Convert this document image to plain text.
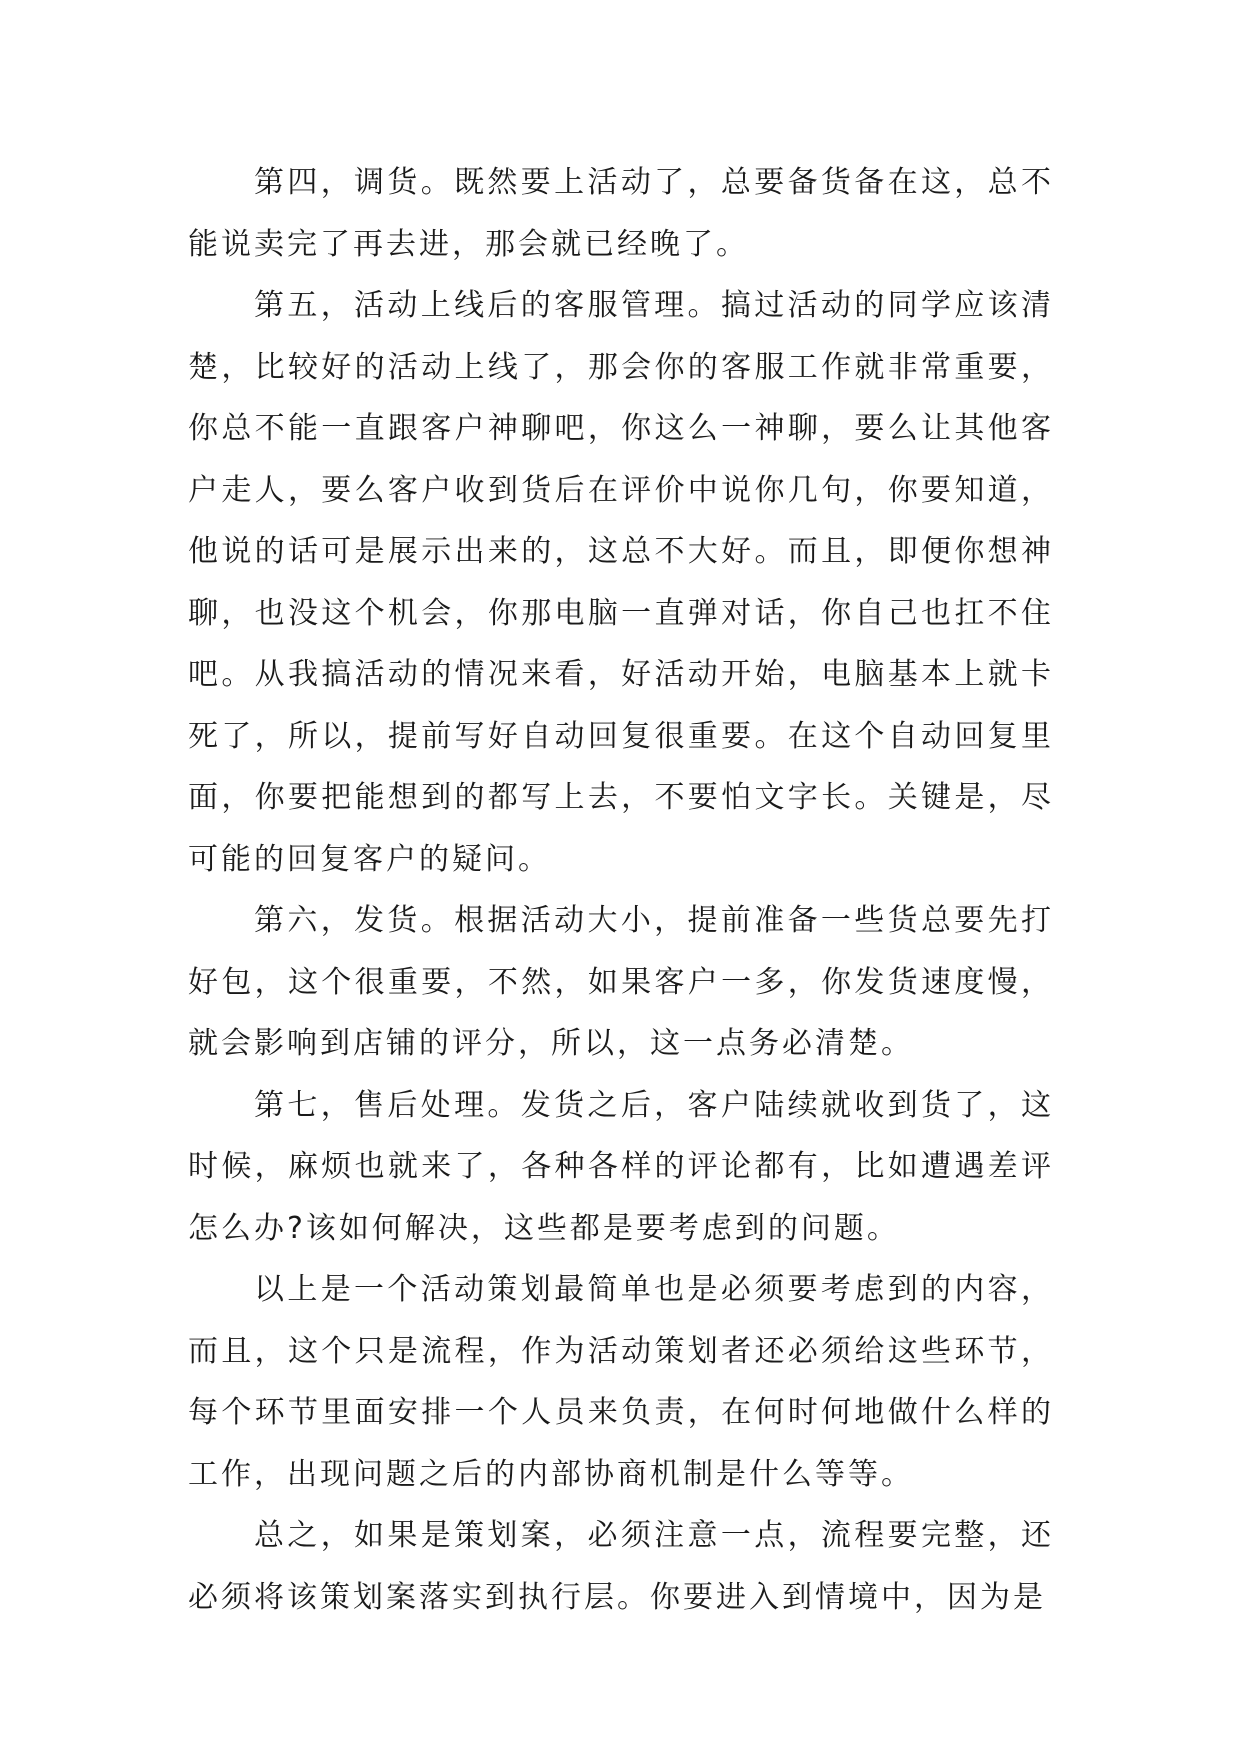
第四，调货。既然要上活动了，总要备货备在这，总不能说卖完了再去进，那会就已经晚了。

第五，活动上线后的客服管理。搞过活动的同学应该清楚，比较好的活动上线了，那会你的客服工作就非常重要，你总不能一直跟客户神聊吧，你这么一神聊，要么让其他客户走人，要么客户收到货后在评价中说你几句，你要知道，他说的话可是展示出来的，这总不大好。而且，即便你想神聊，也没这个机会，你那电脑一直弹对话，你自己也扛不住吧。从我搞活动的情况来看，好活动开始，电脑基本上就卡死了，所以，提前写好自动回复很重要。在这个自动回复里面，你要把能想到的都写上去，不要怕文字长。关键是，尽可能的回复客户的疑问。

第六，发货。根据活动大小，提前准备一些货总要先打好包，这个很重要，不然，如果客户一多，你发货速度慢，就会影响到店铺的评分，所以，这一点务必清楚。

第七，售后处理。发货之后，客户陆续就收到货了，这时候，麻烦也就来了，各种各样的评论都有，比如遭遇差评怎么办?该如何解决，这些都是要考虑到的问题。

以上是一个活动策划最简单也是必须要考虑到的内容，而且，这个只是流程，作为活动策划者还必须给这些环节，每个环节里面安排一个人员来负责，在何时何地做什么样的工作，出现问题之后的内部协商机制是什么等等。

总之，如果是策划案，必须注意一点，流程要完整，还必须将该策划案落实到执行层。你要进入到情境中，因为是
